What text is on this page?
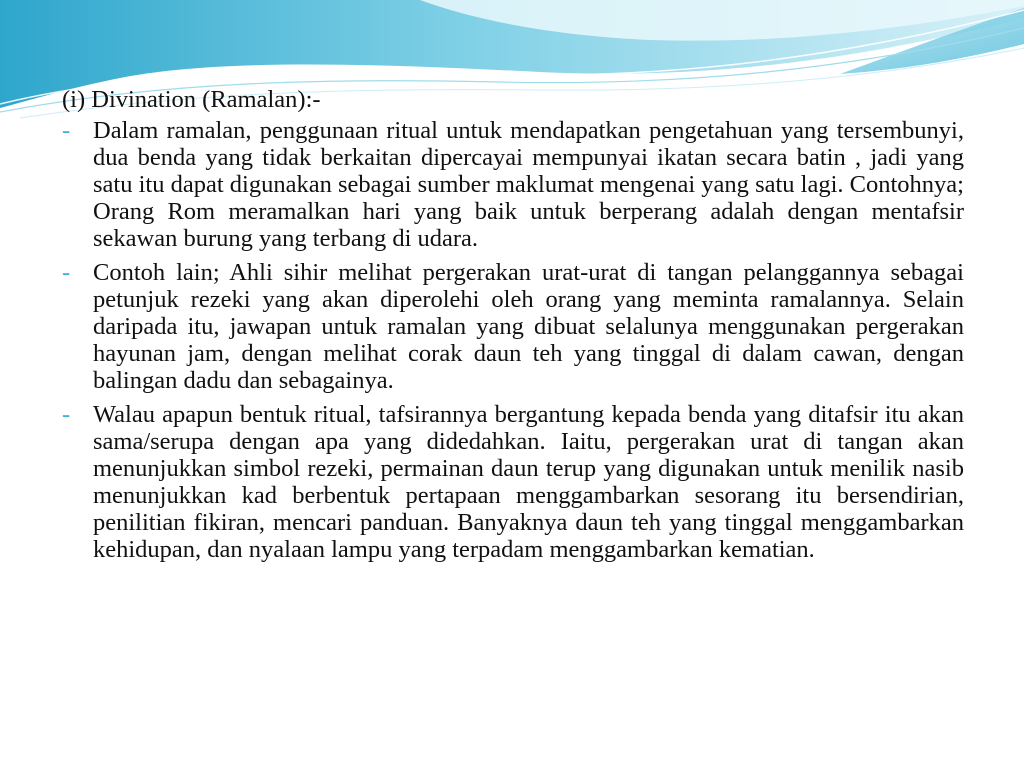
(i) Divination (Ramalan):-

- Dalam ramalan, penggunaan ritual untuk mendapatkan pengetahuan yang tersembunyi, dua benda yang tidak berkaitan dipercayai mempunyai ikatan secara batin , jadi yang satu itu dapat digunakan sebagai sumber maklumat mengenai yang satu lagi. Contohnya; Orang Rom meramalkan hari yang baik untuk berperang adalah dengan mentafsir sekawan burung yang terbang di udara.
- Contoh lain; Ahli sihir melihat pergerakan urat-urat di tangan pelanggannya sebagai petunjuk rezeki yang akan diperolehi oleh orang yang meminta ramalannya. Selain daripada itu, jawapan untuk ramalan yang dibuat selalunya menggunakan pergerakan hayunan jam, dengan melihat corak daun teh yang tinggal di dalam cawan, dengan balingan dadu dan sebagainya.
- Walau apapun bentuk ritual, tafsirannya bergantung kepada benda yang ditafsir itu akan sama/serupa dengan apa yang didedahkan. Iaitu, pergerakan urat di tangan akan menunjukkan simbol rezeki, permainan daun terup yang digunakan untuk menilik nasib menunjukkan kad berbentuk pertapaan menggambarkan sesorang itu bersendirian, penilitian fikiran, mencari panduan. Banyaknya daun teh yang tinggal menggambarkan kehidupan, dan nyalaan lampu yang terpadam menggambarkan kematian.
